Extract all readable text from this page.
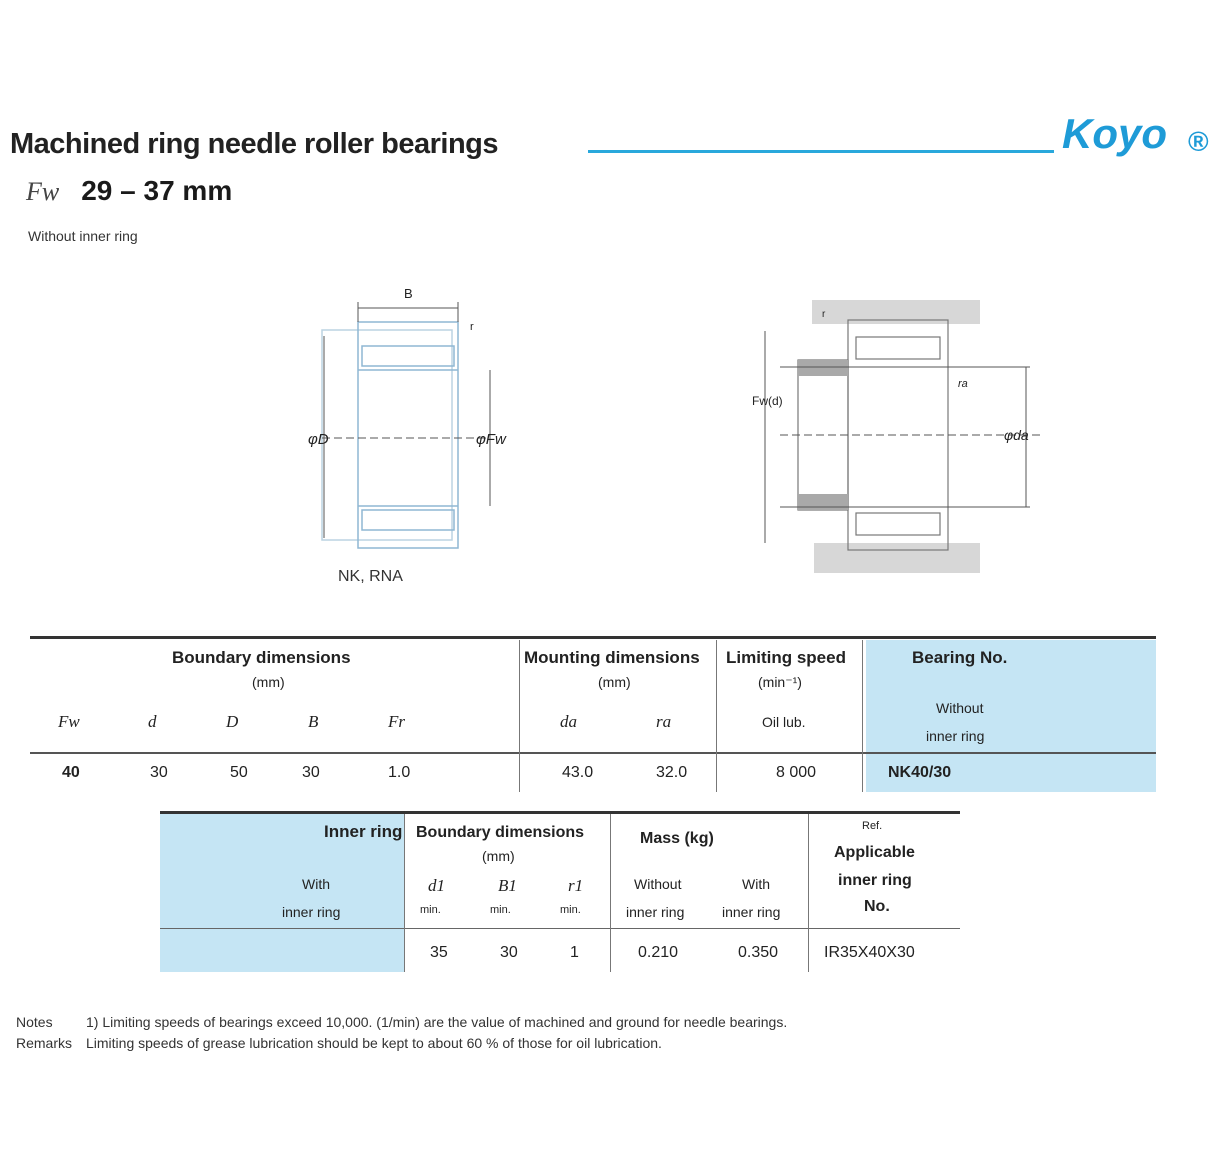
Machined ring needle roller bearings	Koyo ®
Fw 29 – 37 mm
Without inner ring
B
φD	φFw
r
NK, RNA
Fw(d)
φda
ra
r
Boundary dimensions
(mm)
Mounting dimensions
(mm)
Limiting speed
(min⁻¹)
Bearing No.
Fw	d	D	B	Fr	da	ra	Oil lub.
Without
inner ring
40	30	50	30	1.0	43.0	32.0	8 000	NK40/30
Inner ring
With
inner ring
Boundary dimensions
(mm)
d1	B1	r1
min.	min.	min.
Mass (kg)
Without
inner ring
With
inner ring
Ref.
Applicable
inner ring
No.
35	30	1	0.210	0.350	IR35X40X30
Notes 1) Limiting speeds of bearings exceed 10,000. (1/min) are the value of machined and ground for needle bearings.
Remarks Limiting speeds of grease lubrication should be kept to about 60 % of those for oil lubrication.
